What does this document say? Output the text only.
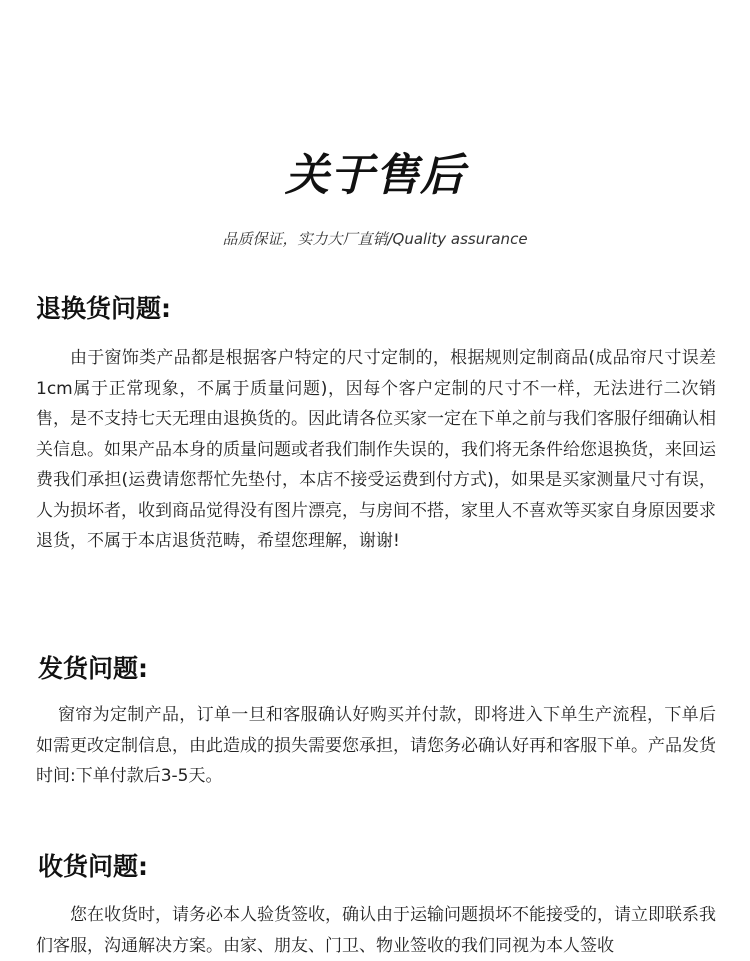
关于售后
品质保证，实力大厂直销/Quality assurance
退换货问题:

由于窗饰类产品都是根据客户特定的尺寸定制的，根据规则定制商品(成品帘尺寸误差1cm属于正常现象，不属于质量问题)，因每个客户定制的尺寸不一样，无法进行二次销售，是不支持七天无理由退换货的。因此请各位买家一定在下单之前与我们客服仔细确认相关信息。如果产品本身的质量问题或者我们制作失误的，我们将无条件给您退换货，来回运费我们承担(运费请您帮忙先垫付，本店不接受运费到付方式)，如果是买家测量尺寸有误，人为损坏者，收到商品觉得没有图片漂亮，与房间不搭，家里人不喜欢等买家自身原因要求退货，不属于本店退货范畴，希望您理解，谢谢!

发货问题:

窗帘为定制产品，订单一旦和客服确认好购买并付款，即将进入下单生产流程，下单后如需更改定制信息，由此造成的损失需要您承担，请您务必确认好再和客服下单。产品发货时间:下单付款后3-5天。

收货问题:

您在收货时，请务必本人验货签收，确认由于运输问题损坏不能接受的，请立即联系我们客服，沟通解决方案。由家、朋友、门卫、物业签收的我们同视为本人签收
